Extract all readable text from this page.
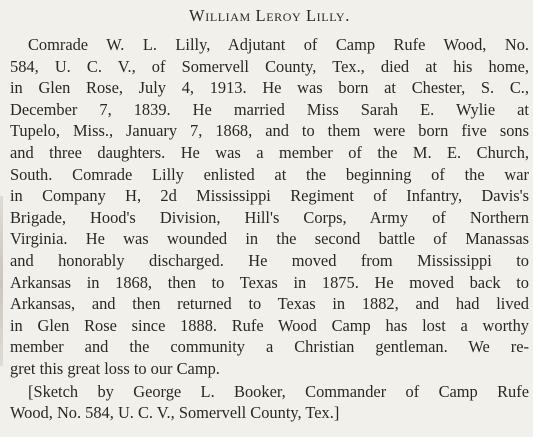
William Leroy Lilly.
Comrade W. L. Lilly, Adjutant of Camp Rufe Wood, No.
584, U. C. V., of Somervell County, Tex., died at his home,
in Glen Rose, July 4, 1913. He was born at Chester, S. C.,
December 7, 1839. He married Miss Sarah E. Wylie at
Tupelo, Miss., January 7, 1868, and to them were born five sons
and three daughters. He was a member of the M. E. Church,
South. Comrade Lilly enlisted at the beginning of the war
in Company H, 2d Mississippi Regiment of Infantry, Davis's
Brigade, Hood's Division, Hill's Corps, Army of Northern
Virginia. He was wounded in the second battle of Manassas
and honorably discharged. He moved from Mississippi to
Arkansas in 1868, then to Texas in 1875. He moved back to
Arkansas, and then returned to Texas in 1882, and had lived
in Glen Rose since 1888. Rufe Wood Camp has lost a worthy
member and the community a Christian gentleman. We re-
gret this great loss to our Camp.
[Sketch by George L. Booker, Commander of Camp Rufe
Wood, No. 584, U. C. V., Somervell County, Tex.]
